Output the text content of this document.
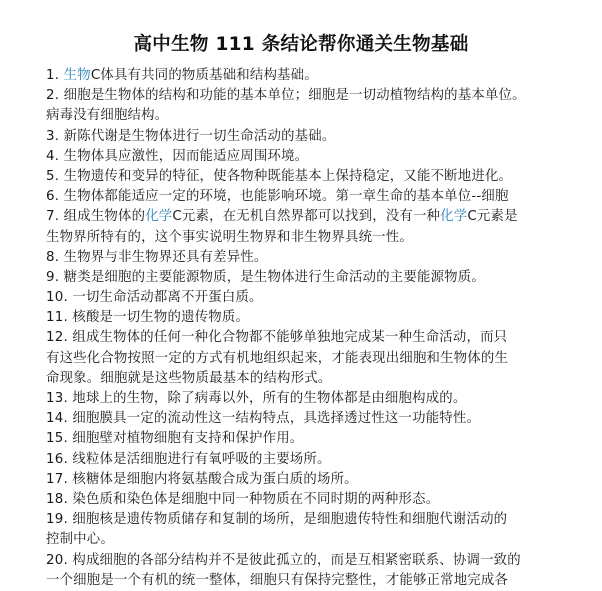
高中生物 111 条结论帮你通关生物基础
1. 生物C体具有共同的物质基础和结构基础。
2. 细胞是生物体的结构和功能的基本单位；细胞是一切动植物结构的基本单位。
病毒没有细胞结构。
3. 新陈代谢是生物体进行一切生命活动的基础。
4. 生物体具应激性，因而能适应周围环境。
5. 生物遗传和变异的特征，使各物种既能基本上保持稳定，又能不断地进化。
6. 生物体都能适应一定的环境，也能影响环境。第一章生命的基本单位--细胞
7. 组成生物体的化学C元素，在无机自然界都可以找到，没有一种化学C元素是
生物界所特有的，这个事实说明生物界和非生物界具统一性。
8. 生物界与非生物界还具有差异性。
9. 糖类是细胞的主要能源物质，是生物体进行生命活动的主要能源物质。
10. 一切生命活动都离不开蛋白质。
11. 核酸是一切生物的遗传物质。
12. 组成生物体的任何一种化合物都不能够单独地完成某一种生命活动，而只
有这些化合物按照一定的方式有机地组织起来，才能表现出细胞和生物体的生
命现象。细胞就是这些物质最基本的结构形式。
13. 地球上的生物，除了病毒以外，所有的生物体都是由细胞构成的。
14. 细胞膜具一定的流动性这一结构特点，具选择透过性这一功能特性。
15. 细胞壁对植物细胞有支持和保护作用。
16. 线粒体是活细胞进行有氧呼吸的主要场所。
17. 核糖体是细胞内将氨基酸合成为蛋白质的场所。
18. 染色质和染色体是细胞中同一种物质在不同时期的两种形态。
19. 细胞核是遗传物质储存和复制的场所，是细胞遗传特性和细胞代谢活动的
控制中心。
20. 构成细胞的各部分结构并不是彼此孤立的，而是互相紧密联系、协调一致的
一个细胞是一个有机的统一整体，细胞只有保持完整性，才能够正常地完成各
